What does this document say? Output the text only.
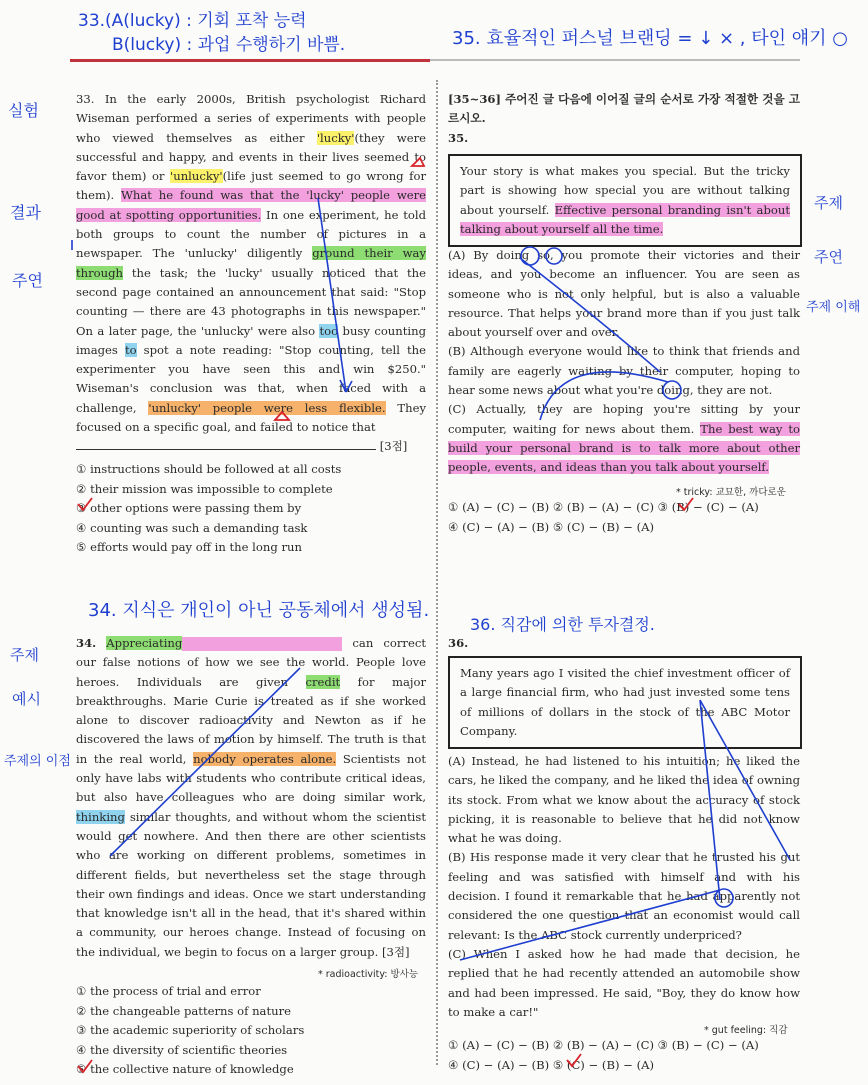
33.(A(lucky) : 기회 포착 능력
B(lucky) : 과업 수행하기 바쁨.	35. 효율적인 퍼스널 브랜딩 = ↓ × , 타인 얘기 ○
실험
결과
주연
주제
예시
주제의 이점
주제
주연
주제 이해

33. In the early 2000s, British psychologist Richard Wiseman performed a series of experiments with people who viewed themselves as either 'lucky'(they were successful and happy, and events in their lives seemed to favor them) or 'unlucky'(life just seemed to go wrong for them). What he found was that the 'lucky' people were good at spotting opportunities. In one experiment, he told both groups to count the number of pictures in a newspaper. The 'unlucky' diligently ground their way through the task; the 'lucky' usually noticed that the second page contained an announcement that said: "Stop counting — there are 43 photographs in this newspaper." On a later page, the 'unlucky' were also too busy counting images to spot a note reading: "Stop counting, tell the experimenter you have seen this and win $250." Wiseman's conclusion was that, when faced with a challenge, 'unlucky' people were less flexible. They focused on a specific goal, and failed to notice that

[3점]

① instructions should be followed at all costs
② their mission was impossible to complete
③ other options were passing them by
④ counting was such a demanding task
⑤ efforts would pay off in the long run
34. 지식은 개인이 아닌 공동체에서 생성됨.

34. Appreciating	can correct our false notions of how we see the world. People love heroes. Individuals are given credit for major breakthroughs. Marie Curie is treated as if she worked alone to discover radioactivity and Newton as if he discovered the laws of motion by himself. The truth is that in the real world, nobody operates alone. Scientists not only have labs with students who contribute critical ideas, but also have colleagues who are doing similar work, thinking similar thoughts, and without whom the scientist would get nowhere. And then there are other scientists who are working on different problems, sometimes in different fields, but nevertheless set the stage through their own findings and ideas. Once we start understanding that knowledge isn't all in the head, that it's shared within a community, our heroes change. Instead of focusing on the individual, we begin to focus on a larger group. [3점]

* radioactivity: 방사능
① the process of trial and error
② the changeable patterns of nature
③ the academic superiority of scholars
④ the diversity of scientific theories
⑤ the collective nature of knowledge

[35~36] 주어진 글 다음에 이어질 글의 순서로 가장 적절한 것을 고르시오.

35.

Your story is what makes you special. But the tricky part is showing how special you are without talking about yourself. Effective personal branding isn't about talking about yourself all the time.

(A) By doing so, you promote their victories and their ideas, and you become an influencer. You are seen as someone who is not only helpful, but is also a valuable resource. That helps your brand more than if you just talk about yourself over and over.

(B) Although everyone would like to think that friends and family are eagerly waiting by their computer, hoping to hear some news about what you're doing, they are not.

(C) Actually, they are hoping you're sitting by your computer, waiting for news about them. The best way to build your personal brand is to talk more about other people, events, and ideas than you talk about yourself.

* tricky: 교묘한, 까다로운
① (A) − (C) − (B) ② (B) − (A) − (C) ③ (B) − (C) − (A)
④ (C) − (A) − (B) ⑤ (C) − (B) − (A)
36. 직감에 의한 투자결정.

36.

Many years ago I visited the chief investment officer of a large financial firm, who had just invested some tens of millions of dollars in the stock of the ABC Motor Company.

(A) Instead, he had listened to his intuition; he liked the cars, he liked the company, and he liked the idea of owning its stock. From what we know about the accuracy of stock picking, it is reasonable to believe that he did not know what he was doing.

(B) His response made it very clear that he trusted his gut feeling and was satisfied with himself and with his decision. I found it remarkable that he had apparently not considered the one question that an economist would call relevant: Is the ABC stock currently underpriced?

(C) When I asked how he had made that decision, he replied that he had recently attended an automobile show and had been impressed. He said, "Boy, they do know how to make a car!"

* gut feeling: 직감
① (A) − (C) − (B) ② (B) − (A) − (C) ③ (B) − (C) − (A)
④ (C) − (A) − (B) ⑤ (C) − (B) − (A)
